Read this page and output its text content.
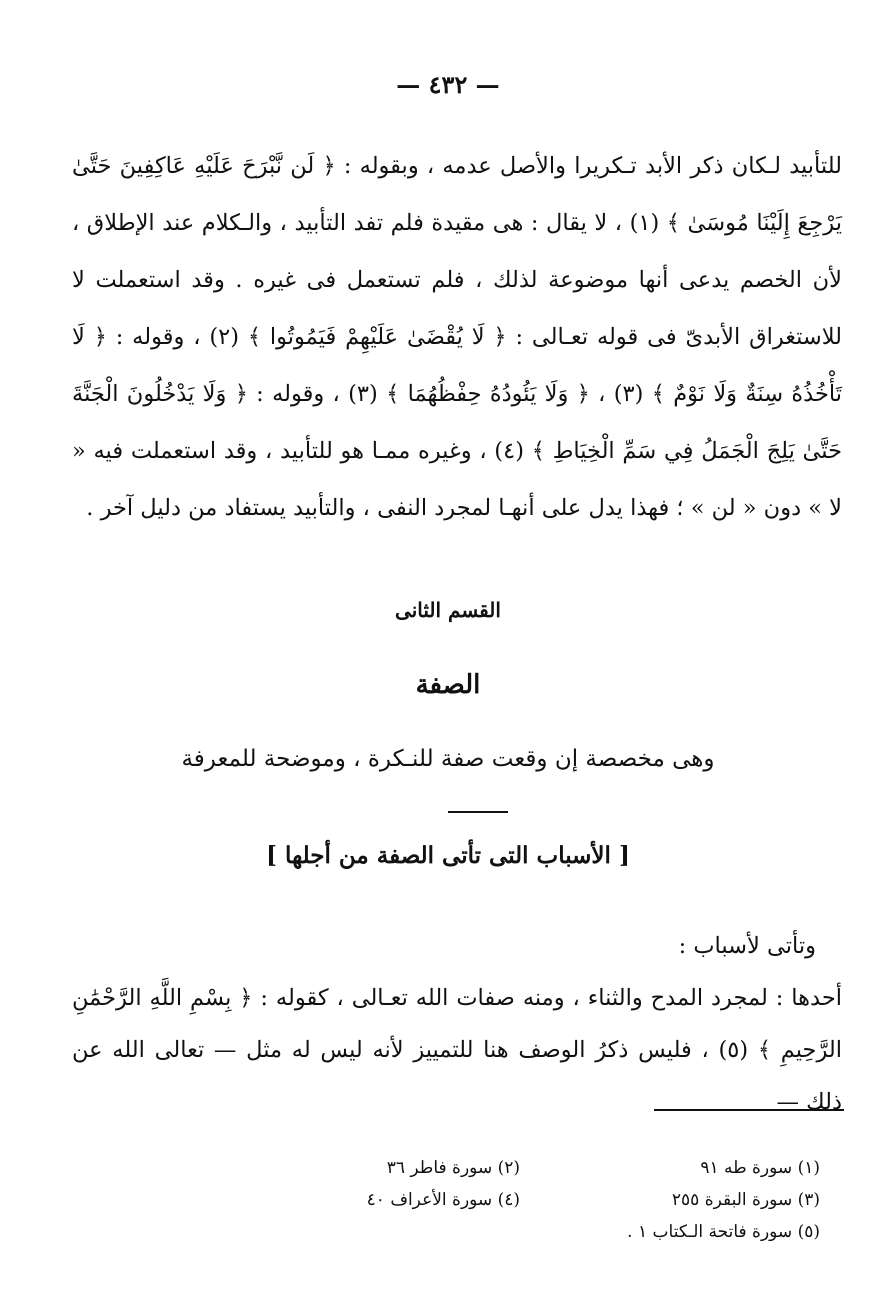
— ٤٣٢ —

للتأبيد لـكان ذكر الأبد تـكريرا والأصل عدمه ، وبقوله : ﴿ لَن نَّبْرَحَ عَلَيْهِ عَاكِفِينَ حَتَّىٰ يَرْجِعَ إِلَيْنَا مُوسَىٰ ﴾ (١) ، لا يقال : هى مقيدة فلم تفد التأبيد ، والـكلام عند الإطلاق ، لأن الخصم يدعى أنها موضوعة لذلك ، فلم تستعمل فى غيره . وقد استعملت لا للاستغراق الأبدىّ فى قوله تعـالى : ﴿ لَا يُقْضَىٰ عَلَيْهِمْ فَيَمُوتُوا ﴾ (٢) ، وقوله : ﴿ لَا تَأْخُذُهُ سِنَةٌ وَلَا نَوْمٌ ﴾ (٣) ، ﴿ وَلَا يَئُودُهُ حِفْظُهُمَا ﴾ (٣) ، وقوله : ﴿ وَلَا يَدْخُلُونَ الْجَنَّةَ حَتَّىٰ يَلِجَ الْجَمَلُ فِي سَمِّ الْخِيَاطِ ﴾ (٤) ، وغيره ممـا هو للتأبيد ، وقد استعملت فيه « لا » دون « لن » ؛ فهذا يدل على أنهـا لمجرد النفى ، والتأبيد يستفاد من دليل آخر .

القسم الثانى
الصفة
وهى مخصصة إن وقعت صفة للنـكرة ، وموضحة للمعرفة
[ الأسباب التى تأتى الصفة من أجلها ]

وتأتى لأسباب :

أحدها : لمجرد المدح والثناء ، ومنه صفات الله تعـالى ، كقوله : ﴿ بِسْمِ اللَّهِ الرَّحْمَٰنِ الرَّحِيمِ ﴾ (٥) ، فليس ذكرُ الوصف هنا للتمييز لأنه ليس له مثل — تعالى الله عن ذلك —

(١) سورة طه ٩١
(٢) سورة فاطر ٣٦
(٣) سورة البقرة ٢٥٥
(٤) سورة الأعراف ٤٠
(٥) سورة فاتحة الـكتاب ١ .
